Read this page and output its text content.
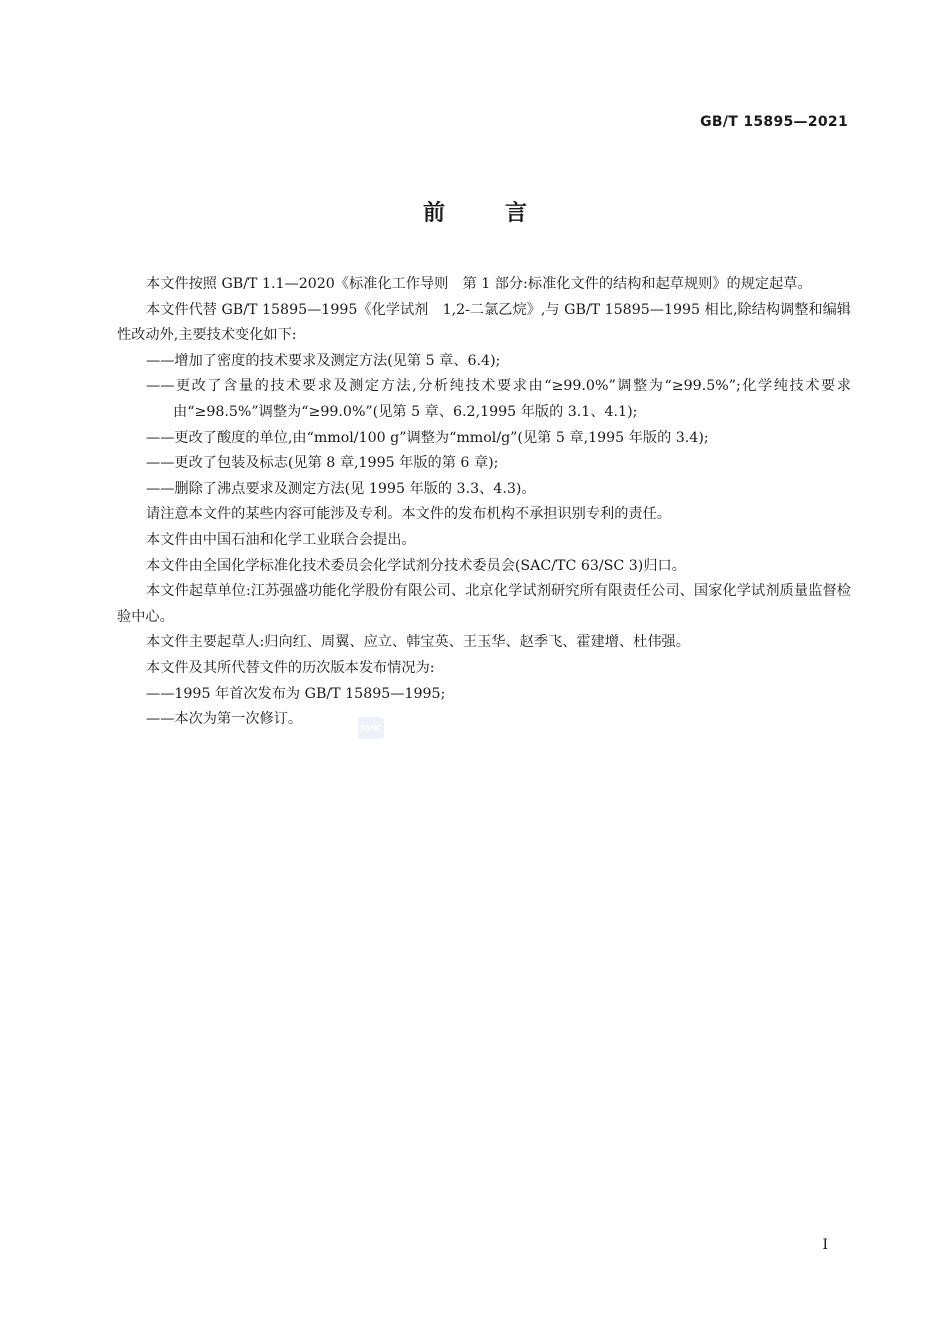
GB/T 15895—2021
前言

本文件按照 GB/T 1.1—2020《标准化工作导则　第 1 部分:标准化文件的结构和起草规则》的规定起草。

本文件代替 GB/T 15895—1995《化学试剂　1,2-二氯乙烷》,与 GB/T 15895—1995 相比,除结构调整和编辑性改动外,主要技术变化如下:

——增加了密度的技术要求及测定方法(见第 5 章、6.4);

——更改了含量的技术要求及测定方法,分析纯技术要求由“≥99.0%”调整为“≥99.5%”;化学纯技术要求由“≥98.5%”调整为“≥99.0%”(见第 5 章、6.2,1995 年版的 3.1、4.1);

——更改了酸度的单位,由“mmol/100 g”调整为“mmol/g”(见第 5 章,1995 年版的 3.4);

——更改了包装及标志(见第 8 章,1995 年版的第 6 章);

——删除了沸点要求及测定方法(见 1995 年版的 3.3、4.3)。

请注意本文件的某些内容可能涉及专利。本文件的发布机构不承担识别专利的责任。

本文件由中国石油和化学工业联合会提出。

本文件由全国化学标准化技术委员会化学试剂分技术委员会(SAC/TC 63/SC 3)归口。

本文件起草单位:江苏强盛功能化学股份有限公司、北京化学试剂研究所有限责任公司、国家化学试剂质量监督检验中心。

本文件主要起草人:归向红、周翼、应立、韩宝英、王玉华、赵季飞、霍建增、杜伟强。

本文件及其所代替文件的历次版本发布情况为:

——1995 年首次发布为 GB/T 15895—1995;

——本次为第一次修订。

SSNC
I
